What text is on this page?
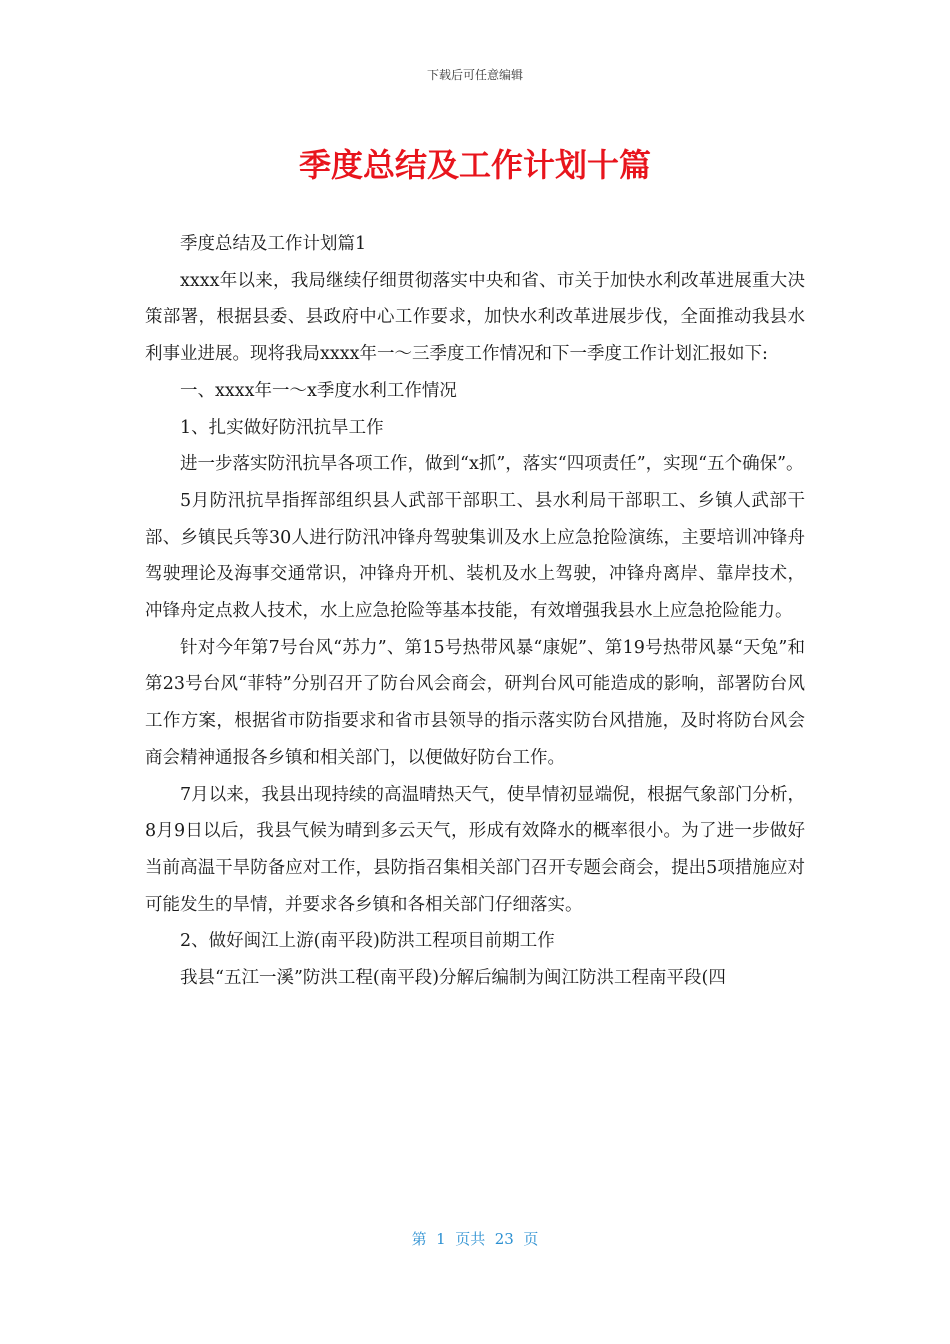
下载后可任意编辑
季度总结及工作计划十篇

季度总结及工作计划篇1

xxxx年以来，我局继续仔细贯彻落实中央和省、市关于加快水利改革进展重大决策部署，根据县委、县政府中心工作要求，加快水利改革进展步伐，全面推动我县水利事业进展。现将我局xxxx年一～三季度工作情况和下一季度工作计划汇报如下:

一、xxxx年一～x季度水利工作情况

1、扎实做好防汛抗旱工作

进一步落实防汛抗旱各项工作，做到“x抓”，落实“四项责任”，实现“五个确保”。

5月防汛抗旱指挥部组织县人武部干部职工、县水利局干部职工、乡镇人武部干部、乡镇民兵等30人进行防汛冲锋舟驾驶集训及水上应急抢险演练，主要培训冲锋舟驾驶理论及海事交通常识，冲锋舟开机、装机及水上驾驶，冲锋舟离岸、靠岸技术，冲锋舟定点救人技术，水上应急抢险等基本技能，有效增强我县水上应急抢险能力。

针对今年第7号台风“苏力”、第15号热带风暴“康妮”、第19号热带风暴“天兔”和第23号台风“菲特”分别召开了防台风会商会，研判台风可能造成的影响，部署防台风工作方案，根据省市防指要求和省市县领导的指示落实防台风措施，及时将防台风会商会精神通报各乡镇和相关部门，以便做好防台工作。

7月以来，我县出现持续的高温晴热天气，使旱情初显端倪，根据气象部门分析，8月9日以后，我县气候为晴到多云天气，形成有效降水的概率很小。为了进一步做好当前高温干旱防备应对工作，县防指召集相关部门召开专题会商会，提出5项措施应对可能发生的旱情，并要求各乡镇和各相关部门仔细落实。

2、做好闽江上游(南平段)防洪工程项目前期工作

我县“五江一溪”防洪工程(南平段)分解后编制为闽江防洪工程南平段(四

第  1  页共  23  页
